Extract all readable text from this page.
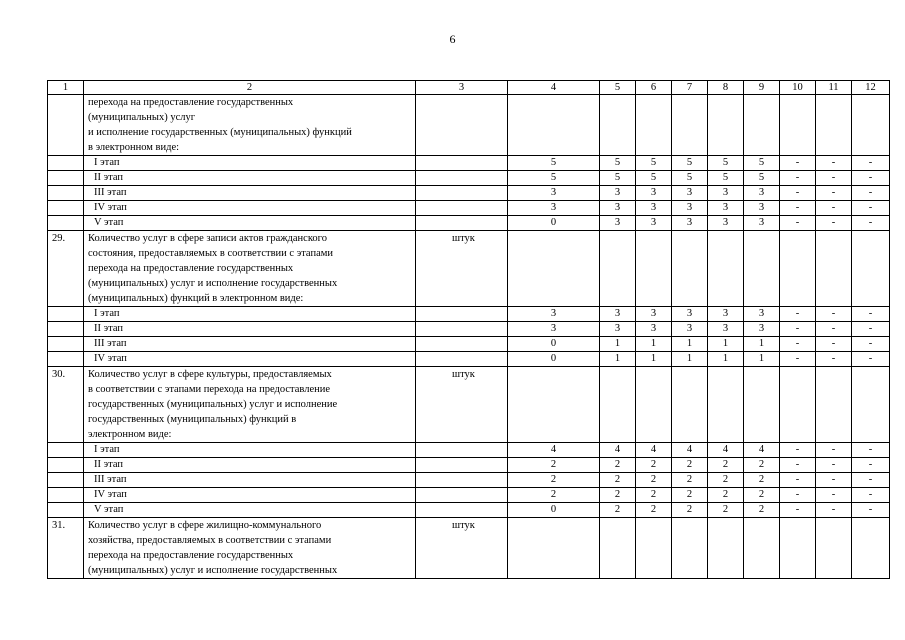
6
1	2	3	4	5	6	7	8	9	10	11	12

	перехода на предоставление государственных
(муниципальных) услуг
и исполнение государственных (муниципальных) функций
в электронном виде:										

	I этап		5	5	5	5	5	5	-	-	-
	II этап		5	5	5	5	5	5	-	-	-
	III этап		3	3	3	3	3	3	-	-	-
	IV этап		3	3	3	3	3	3	-	-	-
	V этап		0	3	3	3	3	3	-	-	-
29.	Количество услуг в сфере записи актов гражданского
состояния, предоставляемых в соответствии с этапами
перехода на предоставление государственных
(муниципальных) услуг и исполнение государственных
(муниципальных) функций в электронном виде:	штук									
	I этап		3	3	3	3	3	3	-	-	-
	II этап		3	3	3	3	3	3	-	-	-
	III этап		0	1	1	1	1	1	-	-	-
	IV этап		0	1	1	1	1	1	-	-	-
30.	Количество услуг в сфере культуры, предоставляемых
в соответствии с этапами перехода на предоставление
государственных (муниципальных) услуг и исполнение
государственных (муниципальных) функций в
электронном виде:	штук									
	I этап		4	4	4	4	4	4	-	-	-
	II этап		2	2	2	2	2	2	-	-	-
	III этап		2	2	2	2	2	2	-	-	-
	IV этап		2	2	2	2	2	2	-	-	-
	V этап		0	2	2	2	2	2	-	-	-
31.	Количество услуг в сфере жилищно-коммунального
хозяйства, предоставляемых в соответствии с этапами
перехода на предоставление государственных
(муниципальных) услуг и исполнение государственных	штук									
